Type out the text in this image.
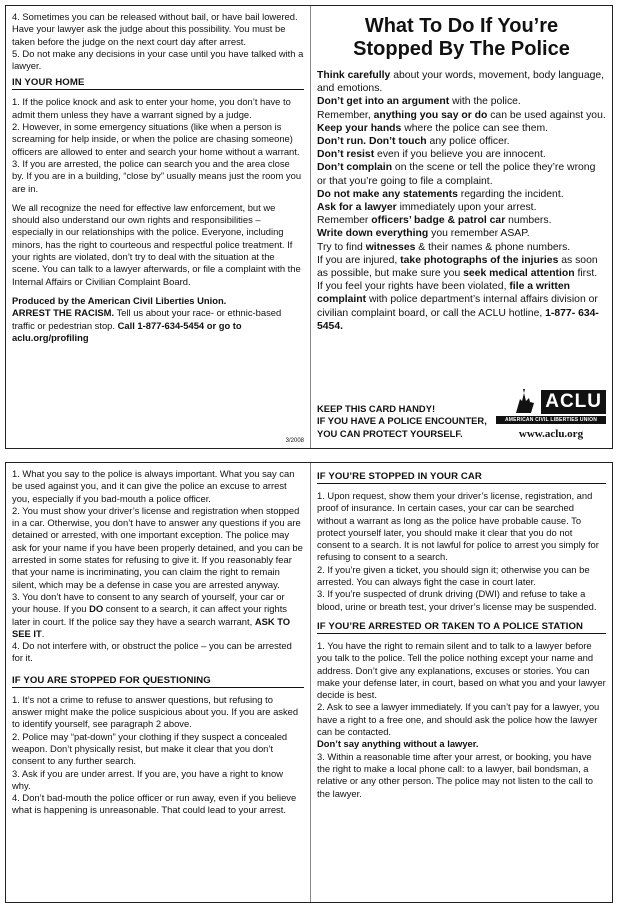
4. Sometimes you can be released without bail, or have bail lowered. Have your lawyer ask the judge about this possibility. You must be taken before the judge on the next court day after arrest.

5. Do not make any decisions in your case until you have talked with a lawyer.

IN YOUR HOME

1. If the police knock and ask to enter your home, you don’t have to admit them unless they have a warrant signed by a judge.

2. However, in some emergency situations (like when a person is screaming for help inside, or when the police are chasing someone) officers are allowed to enter and search your home without a warrant.

3. If you are arrested, the police can search you and the area close by. If you are in a building, “close by” usually means just the room you are in.

We all recognize the need for effective law enforcement, but we should also understand our own rights and responsibilities – especially in our relationships with the police. Everyone, including minors, has the right to courteous and respectful police treatment. If your rights are violated, don’t try to deal with the situation at the scene. You can talk to a lawyer afterwards, or file a complaint with the Internal Affairs or Civilian Complaint Board.

Produced by the American Civil Liberties Union.

ARREST THE RACISM. Tell us about your race- or ethnic-based traffic or pedestrian stop. Call 1-877-634-5454 or go to aclu.org/profiling

3/2008
What To Do If You’re
Stopped By The Police

Think carefully about your words, movement, body language, and emotions.

Don’t get into an argument with the police.

Remember, anything you say or do can be used against you.

Keep your hands where the police can see them.

Don’t run. Don’t touch any police officer.

Don’t resist even if you believe you are innocent.

Don’t complain on the scene or tell the police they’re wrong or that you’re going to file a complaint.

Do not make any statements regarding the incident.

Ask for a lawyer immediately upon your arrest.

Remember officers’ badge & patrol car numbers.

Write down everything you remember ASAP.

Try to find witnesses & their names & phone numbers.

If you are injured, take photographs of the injuries as soon as possible, but make sure you seek medical attention first.

If you feel your rights have been violated, file a written complaint with police department’s internal affairs division or civilian complaint board, or call the ACLU hotline, 1-877- 634-5454.

KEEP THIS CARD HANDY!
IF YOU HAVE A POLICE ENCOUNTER,
YOU CAN PROTECT YOURSELF.
ACLU
AMERICAN CIVIL LIBERTIES UNION
www.aclu.org

1. What you say to the police is always important. What you say can be used against you, and it can give the police an excuse to arrest you, especially if you bad-mouth a police officer.

2. You must show your driver’s license and registration when stopped in a car. Otherwise, you don’t have to answer any questions if you are detained or arrested, with one important exception. The police may ask for your name if you have been properly detained, and you can be arrested in some states for refusing to give it. If you reasonably fear that your name is incriminating, you can claim the right to remain silent, which may be a defense in case you are arrested anyway.

3. You don’t have to consent to any search of yourself, your car or your house. If you DO consent to a search, it can affect your rights later in court. If the police say they have a search warrant, ASK TO SEE IT.

4. Do not interfere with, or obstruct the police – you can be arrested for it.

IF YOU ARE STOPPED FOR QUESTIONING

1. It’s not a crime to refuse to answer questions, but refusing to answer might make the police suspicious about you. If you are asked to identify yourself, see paragraph 2 above.

2. Police may “pat-down” your clothing if they suspect a concealed weapon. Don’t physically resist, but make it clear that you don’t consent to any further search.

3. Ask if you are under arrest. If you are, you have a right to know why.

4. Don’t bad-mouth the police officer or run away, even if you believe what is happening is unreasonable. That could lead to your arrest.

IF YOU’RE STOPPED IN YOUR CAR

1. Upon request, show them your driver’s license, registration, and proof of insurance. In certain cases, your car can be searched without a warrant as long as the police have probable cause. To protect yourself later, you should make it clear that you do not consent to a search. It is not lawful for police to arrest you simply for refusing to consent to a search.

2. If you’re given a ticket, you should sign it; otherwise you can be arrested. You can always fight the case in court later.

3. If you’re suspected of drunk driving (DWI) and refuse to take a blood, urine or breath test, your driver’s license may be suspended.

IF YOU’RE ARRESTED OR TAKEN TO A POLICE STATION

1. You have the right to remain silent and to talk to a lawyer before you talk to the police. Tell the police nothing except your name and address. Don’t give any explanations, excuses or stories. You can make your defense later, in court, based on what you and your lawyer decide is best.

2. Ask to see a lawyer immediately. If you can’t pay for a lawyer, you have a right to a free one, and should ask the police how the lawyer can be contacted.

Don’t say anything without a lawyer.

3. Within a reasonable time after your arrest, or booking, you have the right to make a local phone call: to a lawyer, bail bondsman, a relative or any other person. The police may not listen to the call to the lawyer.
